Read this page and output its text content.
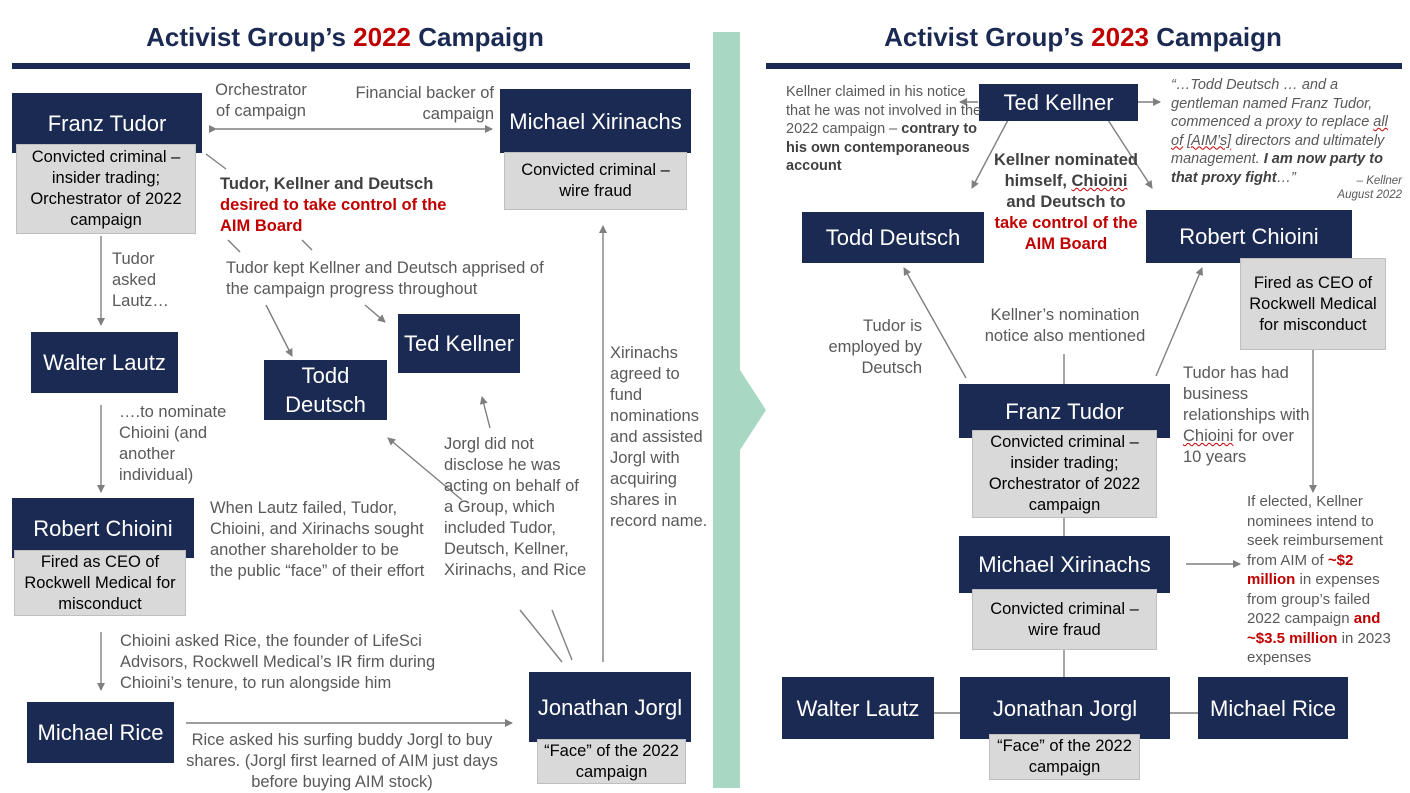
Activist Group’s 2022 Campaign
Franz Tudor
Convicted criminal – insider trading; Orchestrator of 2022 campaign
Orchestrator of campaign
Financial backer of campaign Michael Xirinachs
Convicted criminal – wire fraud
Tudor, Kellner and Deutsch
desired to take control of the AIM Board
Tudor kept Kellner and Deutsch apprised of the campaign progress throughout
Tudor asked Lautz…
Walter Lautz
Todd Deutsch
Ted Kellner
….to nominate Chioini (and another individual)
Robert Chioini
Fired as CEO of Rockwell Medical for misconduct
When Lautz failed, Tudor, Chioini, and Xirinachs sought another shareholder to be the public “face” of their effort
Jorgl did not disclose he was acting on behalf of a Group, which included Tudor, Deutsch, Kellner, Xirinachs, and Rice
Xirinachs agreed to fund nominations and assisted Jorgl with acquiring shares in record name.
Chioini asked Rice, the founder of LifeSci Advisors, Rockwell Medical’s IR firm during Chioini’s tenure, to run alongside him
Michael Rice	Rice asked his surfing buddy Jorgl to buy shares. (Jorgl first learned of AIM just days before buying AIM stock)
Jonathan Jorgl
“Face” of the 2022 campaign
Activist Group’s 2023 Campaign
Ted Kellner
Kellner claimed in his notice that he was not involved in the 2022 campaign – contrary to his own contemporaneous account
“…Todd Deutsch … and a gentleman named Franz Tudor, commenced a proxy to replace all of [AIM’s] directors and ultimately management. I am now party to that proxy fight…”	– Kellner
August 2022
Kellner nominated himself, Chioini and Deutsch to take control of the AIM Board
Todd Deutsch	Robert Chioini
Fired as CEO of Rockwell Medical for misconduct
Tudor is employed by Deutsch
Kellner’s nomination notice also mentioned
Tudor has had business relationships with Chioini for over 10 years
Franz Tudor
Convicted criminal – insider trading; Orchestrator of 2022 campaign
Michael Xirinachs
Convicted criminal – wire fraud
If elected, Kellner nominees intend to seek reimbursement from AIM of ~$2 million in expenses from group’s failed 2022 campaign and ~$3.5 million in 2023 expenses
Walter Lautz	Jonathan Jorgl
“Face” of the 2022 campaign
Michael Rice
